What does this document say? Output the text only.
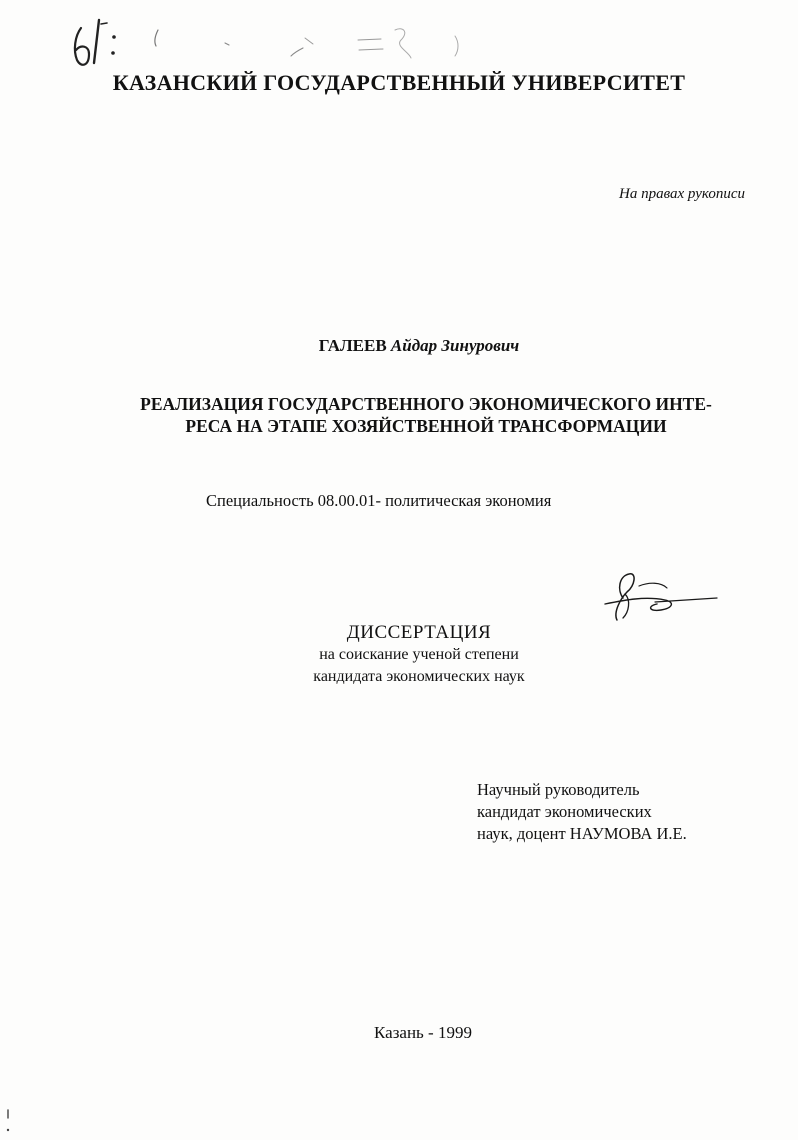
КАЗАНСКИЙ ГОСУДАРСТВЕННЫЙ УНИВЕРСИТЕТ
На правах рукописи
ГАЛЕЕВ Айдар Зинурович
РЕАЛИЗАЦИЯ ГОСУДАРСТВЕННОГО ЭКОНОМИЧЕСКОГО ИНТЕ-
РЕСА НА ЭТАПЕ ХОЗЯЙСТВЕННОЙ ТРАНСФОРМАЦИИ
Специальность 08.00.01- политическая экономия
ДИССЕРТАЦИЯ
на соискание ученой степени
кандидата экономических наук
Научный руководитель
кандидат экономических
наук, доцент НАУМОВА И.Е.
Казань - 1999
